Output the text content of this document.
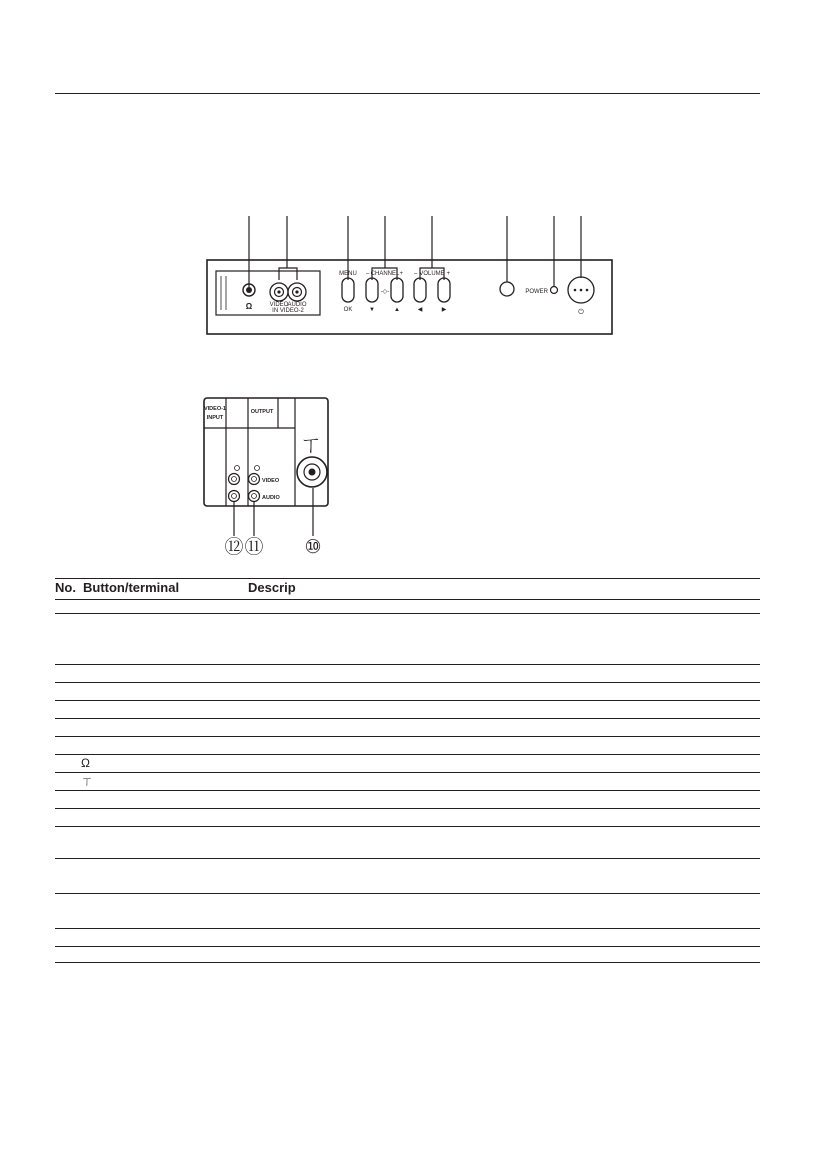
Ω	VIDEO AUDIO
IN VIDEO-2
MENU
OK
– CHANNEL +
-◇-
▼	▲
– VOLUME +
◀	▶
POWER
⏻
VIDEO-1
INPUT
OUTPUT
VIDEO
AUDIO
ㄒ
⑫ ⑪ ⑩
No. Button/terminal	Descrip
Ω
ㄒ
